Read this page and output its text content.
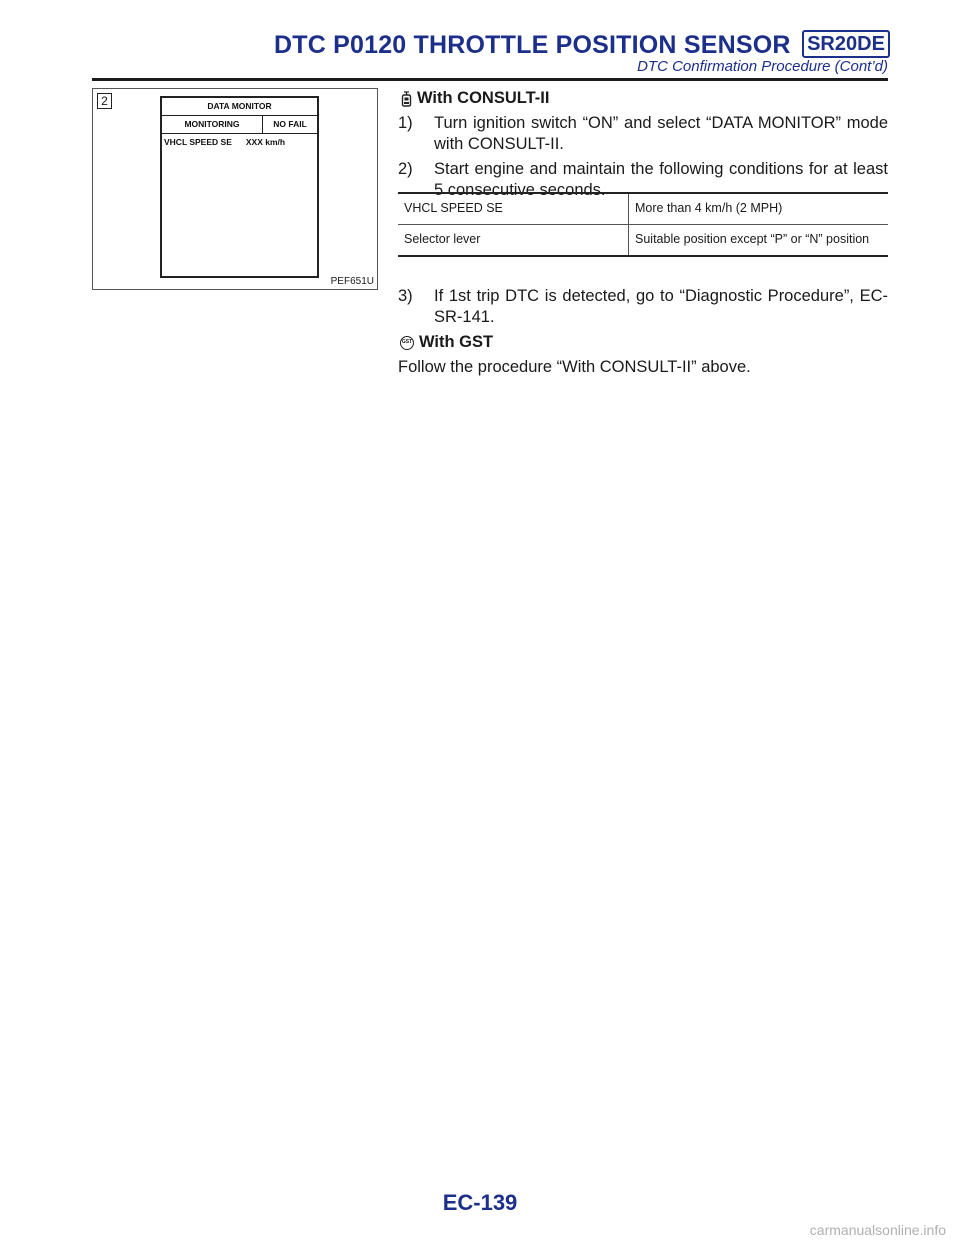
DTC P0120 THROTTLE POSITION SENSOR SR20DE
DTC Confirmation Procedure (Cont’d)
2	DATA MONITOR
MONITORING	NO FAIL
VHCL SPEED SE XXX km/h
PEF651U
With CONSULT-II
1) Turn ignition switch “ON” and select “DATA MONITOR” mode with CONSULT-II.
2) Start engine and maintain the following conditions for at least 5 consecutive seconds.
VHCL SPEED SE	More than 4 km/h (2 MPH)
Selector lever	Suitable position except “P” or “N” position
3) If 1st trip DTC is detected, go to “Diagnostic Procedure”, EC-SR-141.
GST With GST
Follow the procedure “With CONSULT-II” above.
EC-139
carmanualsonline.info
